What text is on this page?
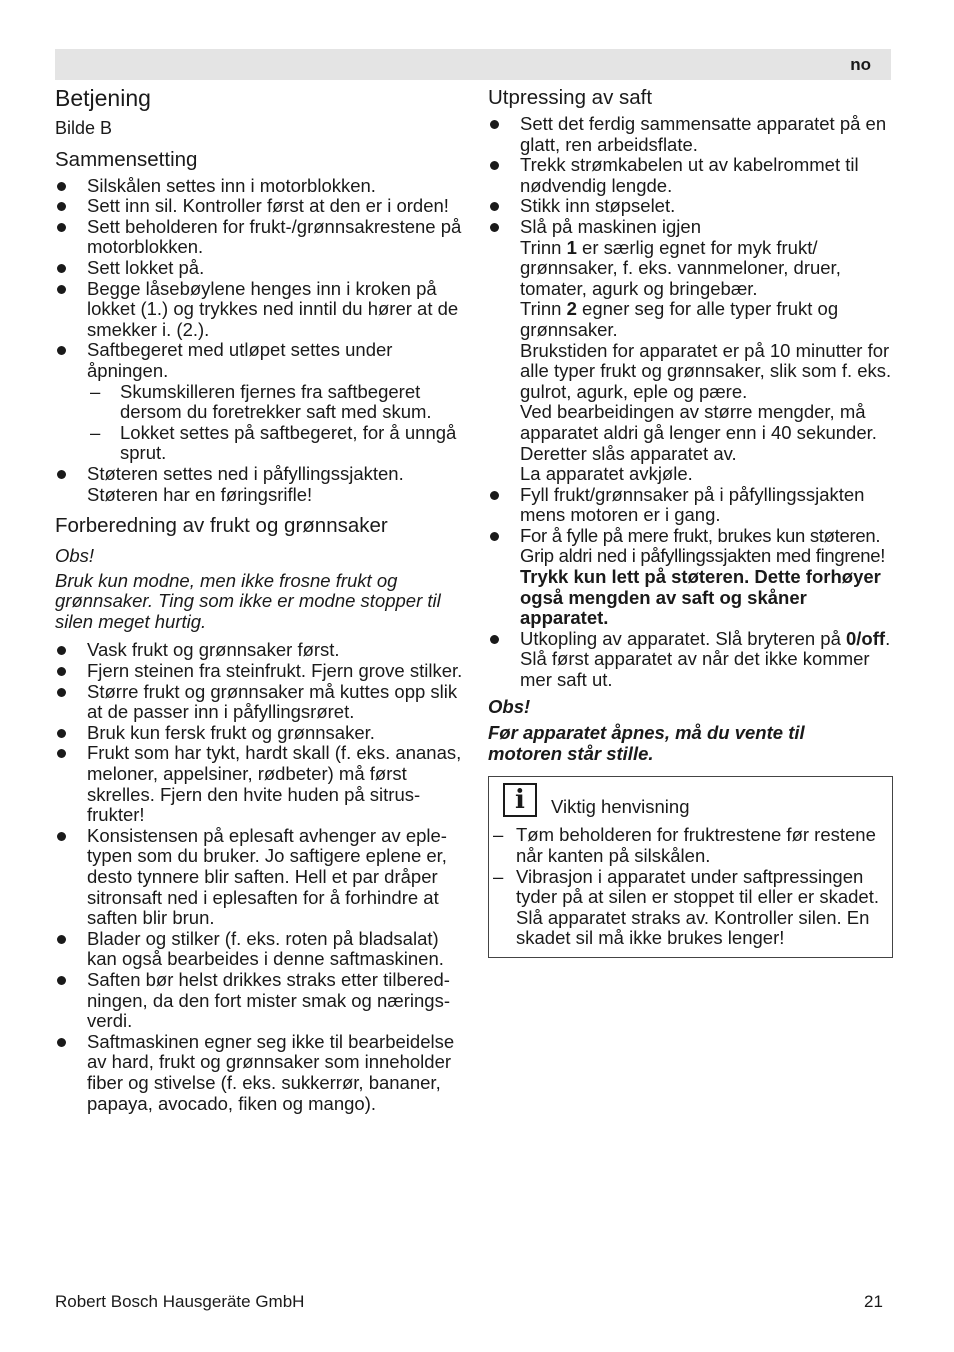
no
Betjening
Bilde B
Sammensetting
Silskålen settes inn i motorblokken.
Sett inn sil. Kontroller først at den er i orden!
Sett beholderen for frukt-/grønnsakrestene på motorblokken.
Sett lokket på.
Begge låsebøylene henges inn i kroken på lokket (1.) og trykkes ned inntil du hører at de smekker i. (2.).
Saftbegeret med utløpet settes under åpningen.
– Skumskilleren fjernes fra saftbegeret dersom du foretrekker saft med skum.
– Lokket settes på saftbegeret, for å unngå sprut.
Støteren settes ned i påfyllingssjakten. Støteren har en føringsrifle!
Forberedning av frukt og grønnsaker
Obs!
Bruk kun modne, men ikke frosne frukt og grønnsaker. Ting som ikke er modne stopper til silen meget hurtig.
Vask frukt og grønnsaker først.
Fjern steinen fra steinfrukt. Fjern grove stilker.
Større frukt og grønnsaker må kuttes opp slik at de passer inn i påfyllingsrøret.
Bruk kun fersk frukt og grønnsaker.
Frukt som har tykt, hardt skall (f. eks. ananas, meloner, appelsiner, rødbeter) må først skrelles. Fjern den hvite huden på sitrus-frukter!
Konsistensen på eplesaft avhenger av eple-typen som du bruker. Jo saftigere eplene er, desto tynnere blir saften. Hell et par dråper sitronsaft ned i eplesaften for å forhindre at saften blir brun.
Blader og stilker (f. eks. roten på bladsalat) kan også bearbeides i denne saftmaskinen.
Saften bør helst drikkes straks etter tilbered-ningen, da den fort mister smak og nærings-verdi.
Saftmaskinen egner seg ikke til bearbeidelse av hard, frukt og grønnsaker som inneholder fiber og stivelse (f. eks. sukkerrør, bananer, papaya, avocado, fiken og mango).
Utpressing av saft
Sett det ferdig sammensatte apparatet på en glatt, ren arbeidsflate.
Trekk strømkabelen ut av kabelrommet til nødvendig lengde.
Stikk inn støpselet.
Slå på maskinen igjen
Trinn 1 er særlig egnet for myk frukt/ grønnsaker, f. eks. vannmeloner, druer, tomater, agurk og bringebær.
Trinn 2 egner seg for alle typer frukt og grønnsaker.
Brukstiden for apparatet er på 10 minutter for alle typer frukt og grønnsaker, slik som f. eks. gulrot, agurk, eple og pære.
Ved bearbeidingen av større mengder, må apparatet aldri gå lenger enn i 40 sekunder. Deretter slås apparatet av.
La apparatet avkjøle.
Fyll frukt/grønnsaker på i påfyllingssjakten mens motoren er i gang.
For å fylle på mere frukt, brukes kun støteren. Grip aldri ned i påfyllingssjakten med fingrene!
Trykk kun lett på støteren. Dette forhøyer også mengden av saft og skåner apparatet.
Utkopling av apparatet. Slå bryteren på 0/off.
Slå først apparatet av når det ikke kommer mer saft ut.
Obs!
Før apparatet åpnes, må du vente til motoren står stille.
i	Viktig henvisning
– Tøm beholderen for fruktrestene før restene når kanten på silskålen.
– Vibrasjon i apparatet under saftpressingen tyder på at silen er stoppet til eller er skadet. Slå apparatet straks av. Kontroller silen. En skadet sil må ikke brukes lenger!
Robert Bosch Hausgeräte GmbH	21
